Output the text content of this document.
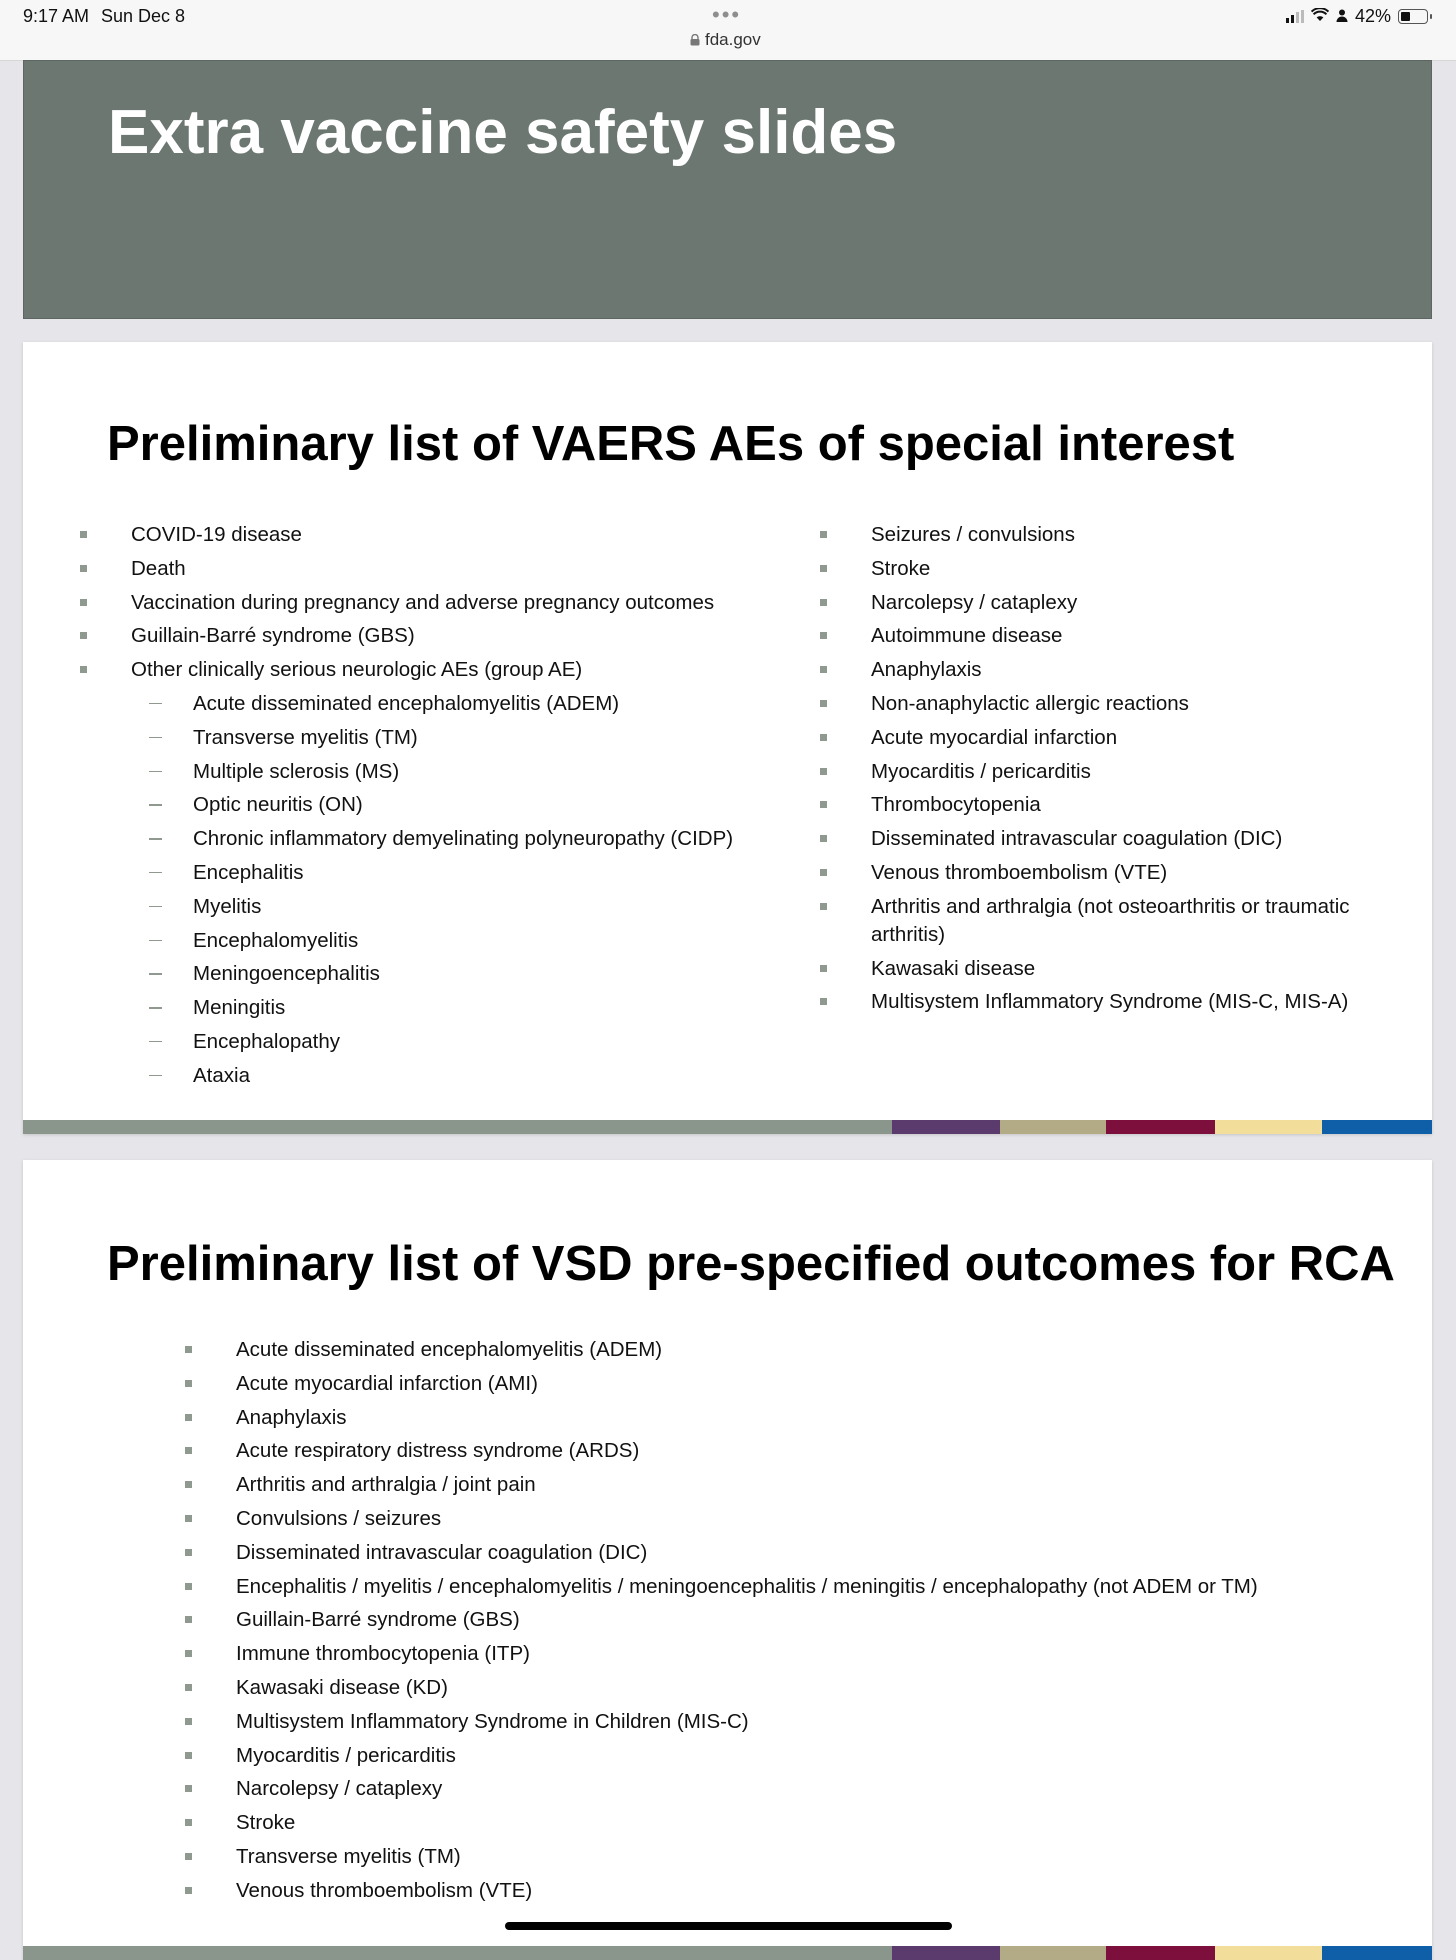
9:17 AM Sun Dec 8	•••
fda.gov
42%
Extra vaccine safety slides
Preliminary list of VAERS AEs of special interest
COVID-19 disease
Death
Vaccination during pregnancy and adverse pregnancy outcomes
Guillain-Barré syndrome (GBS)
Other clinically serious neurologic AEs (group AE)
Acute disseminated encephalomyelitis (ADEM)
Transverse myelitis (TM)
Multiple sclerosis (MS)
Optic neuritis (ON)
Chronic inflammatory demyelinating polyneuropathy (CIDP)
Encephalitis
Myelitis
Encephalomyelitis
Meningoencephalitis
Meningitis
Encephalopathy
Ataxia
Seizures / convulsions
Stroke
Narcolepsy / cataplexy
Autoimmune disease
Anaphylaxis
Non-anaphylactic allergic reactions
Acute myocardial infarction
Myocarditis / pericarditis
Thrombocytopenia
Disseminated intravascular coagulation (DIC)
Venous thromboembolism (VTE)
Arthritis and arthralgia (not osteoarthritis or traumatic arthritis)
Kawasaki disease
Multisystem Inflammatory Syndrome (MIS-C, MIS-A)
Preliminary list of VSD pre-specified outcomes for RCA
Acute disseminated encephalomyelitis (ADEM)
Acute myocardial infarction (AMI)
Anaphylaxis
Acute respiratory distress syndrome (ARDS)
Arthritis and arthralgia / joint pain
Convulsions / seizures
Disseminated intravascular coagulation (DIC)
Encephalitis / myelitis / encephalomyelitis / meningoencephalitis / meningitis / encephalopathy (not ADEM or TM)
Guillain-Barré syndrome (GBS)
Immune thrombocytopenia (ITP)
Kawasaki disease (KD)
Multisystem Inflammatory Syndrome in Children (MIS-C)
Myocarditis / pericarditis
Narcolepsy / cataplexy
Stroke
Transverse myelitis (TM)
Venous thromboembolism (VTE)
